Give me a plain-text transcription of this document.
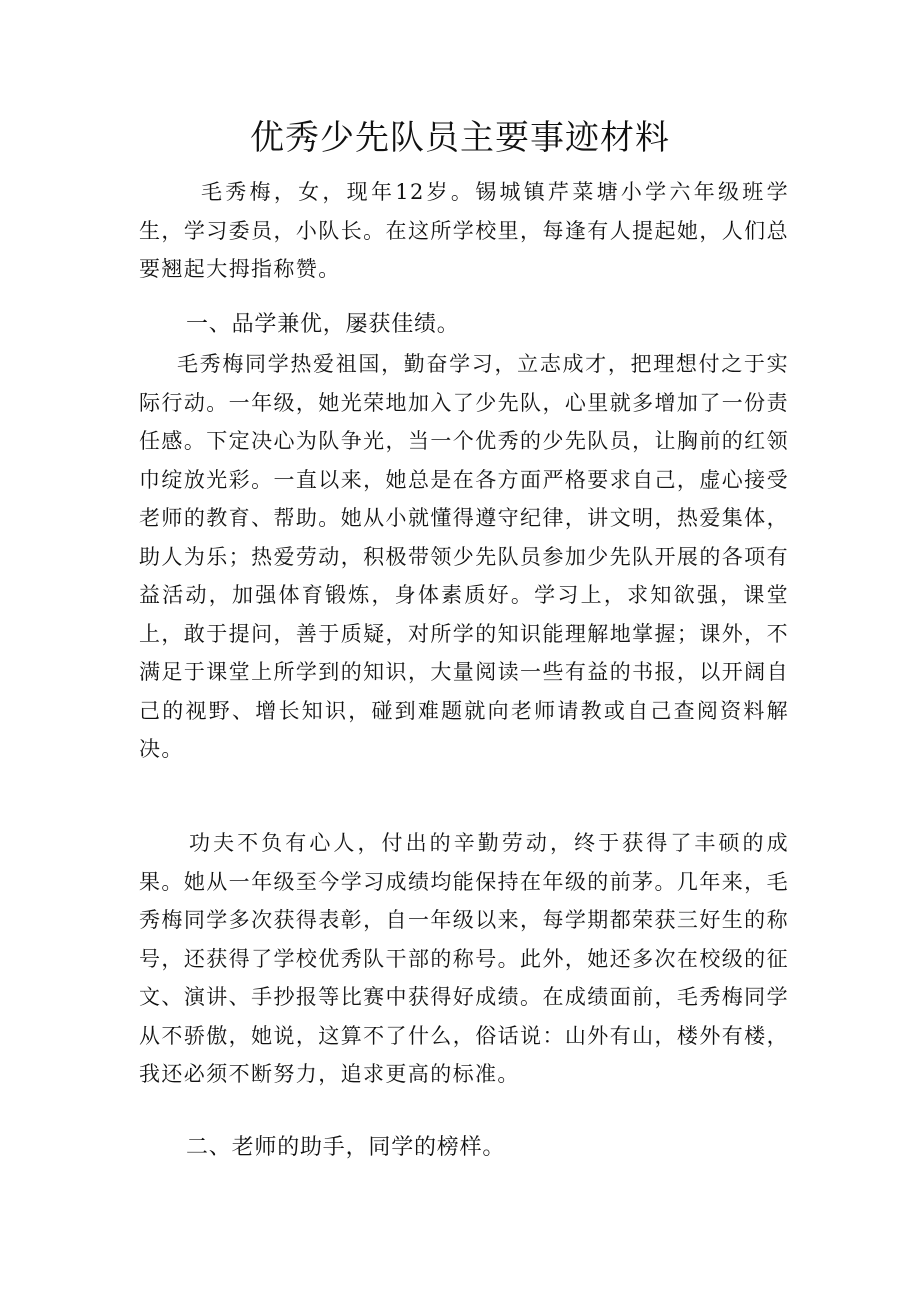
优秀少先队员主要事迹材料

毛秀梅，女，现年12岁。锡城镇芹菜塘小学六年级班学生，学习委员，小队长。在这所学校里，每逢有人提起她，人们总要翘起大拇指称赞。

一、品学兼优，屡获佳绩。

毛秀梅同学热爱祖国，勤奋学习，立志成才，把理想付之于实际行动。一年级，她光荣地加入了少先队，心里就多增加了一份责任感。下定决心为队争光，当一个优秀的少先队员，让胸前的红领巾绽放光彩。一直以来，她总是在各方面严格要求自己，虚心接受老师的教育、帮助。她从小就懂得遵守纪律，讲文明，热爱集体，助人为乐；热爱劳动，积极带领少先队员参加少先队开展的各项有益活动，加强体育锻炼，身体素质好。学习上，求知欲强，课堂上，敢于提问，善于质疑，对所学的知识能理解地掌握；课外，不满足于课堂上所学到的知识，大量阅读一些有益的书报，以开阔自己的视野、增长知识，碰到难题就向老师请教或自己查阅资料解决。

功夫不负有心人，付出的辛勤劳动，终于获得了丰硕的成果。她从一年级至今学习成绩均能保持在年级的前茅。几年来，毛秀梅同学多次获得表彰，自一年级以来，每学期都荣获三好生的称号，还获得了学校优秀队干部的称号。此外，她还多次在校级的征文、演讲、手抄报等比赛中获得好成绩。在成绩面前，毛秀梅同学从不骄傲，她说，这算不了什么，俗话说：山外有山，楼外有楼，我还必须不断努力，追求更高的标准。

二、老师的助手，同学的榜样。
